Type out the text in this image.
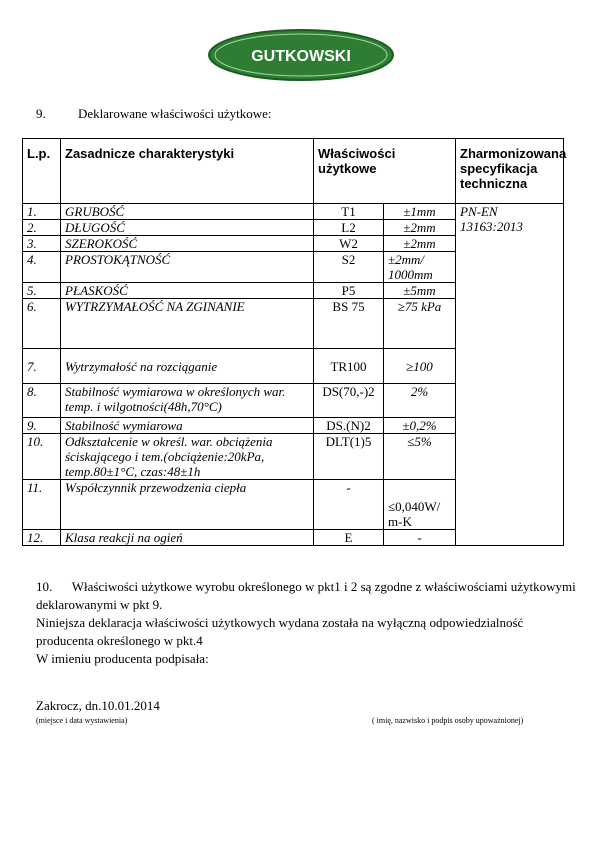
GUTKOWSKI
9. Deklarowane właściwości użytkowe:
L.p.	Zasadnicze charakterystyki	Właściwości użytkowe		Zharmonizowana specyfikacja techniczna
1.	GRUBOŚĆ	T1	±1mm	PN-EN
13163:2013

2.	DŁUGOŚĆ	L2	±2mm	
3.	SZEROKOŚĆ	W2	±2mm	
4.	PROSTOKĄTNOŚĆ	S2	±2mm/ 1000mm	
5.	PŁASKOŚĆ	P5	±5mm	
6.	WYTRZYMAŁOŚĆ NA ZGINANIE	BS 75	≥75 kPa	
7.	Wytrzymałość na rozciąganie	TR100	≥100	
8.	Stabilność wymiarowa w określonych war. temp. i wilgotności(48h,70°C)	DS(70,-)2	2%	
9.	Stabilność wymiarowa	DS.(N)2	±0,2%	
10.	Odkształcenie w określ. war. obciążenia ściskającego i tem.(obciążenie:20kPa, temp.80±1°C, czas:48±1h	DLT(1)5	≤5%	
11.	Współczynnik przewodzenia ciepła	-	≤0,040W/ m-K	
12.	Klasa reakcji na ogień	E	-	

10. Właściwości użytkowe wyrobu określonego w pkt1 i 2 są zgodne z właściwościami użytkowymi deklarowanymi w pkt 9.

Niniejsza deklaracja właściwości użytkowych wydana została na wyłączną odpowiedzialność producenta określonego w pkt.4

W imieniu producenta podpisała:

Zakrocz, dn.10.01.2014
(miejsce i data wystawienia)	( imię, nazwisko i podpis osoby upoważnionej)
